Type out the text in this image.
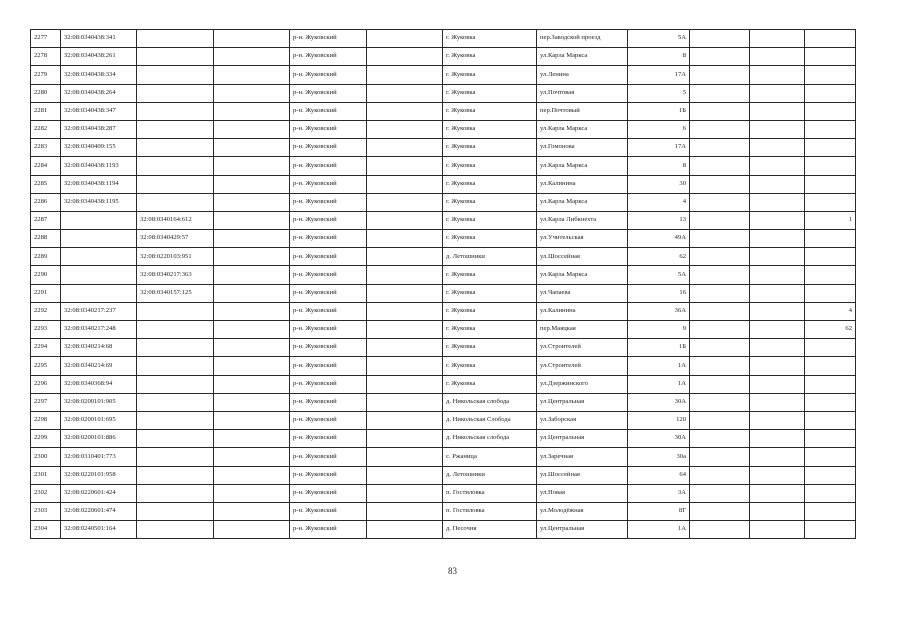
2277	32:08:0340438:341			р-н. Жуковский		г. Жуковка	пер.Заводской проезд	5А			
2278	32:08:0340438:261			р-н. Жуковский		г. Жуковка	ул.Карла Маркса	8			
2279	32:08:0340438:334			р-н. Жуковский		г. Жуковка	ул.Ленина	17А			
2280	32:08:0340438:264			р-н. Жуковский		г. Жуковка	ул.Почтовая	5			
2281	32:08:0340438:347			р-н. Жуковский		г. Жуковка	пер.Почтовый	1Б			
2282	32:08:0340438:287			р-н. Жуковский		г. Жуковка	ул.Карла Маркса	6			
2283	32:08:0340409:155			р-н. Жуковский		г. Жуковка	ул.Гомонова	17А			
2284	32:08:0340438:1193			р-н. Жуковский		г. Жуковка	ул.Карла Маркса	8			
2285	32:08:0340438:1194			р-н. Жуковский		г. Жуковка	ул.Калинина	30			
2286	32:08:0340438:1195			р-н. Жуковский		г. Жуковка	ул.Карла Маркса	4			
2287		32:08:0340164:612		р-н. Жуковский		г. Жуковка	ул.Карла Либкнехта	13			1
2288		32:08:0340429:57		р-н. Жуковский		г. Жуковка	ул.Учительская	49А			
2289		32:08:0220103:951		р-н. Жуковский		д. Летошники	ул.Шоссейная	62			
2290		32:08:0340217:363		р-н. Жуковский		г. Жуковка	ул.Карла Маркса	5А			
2291		32:08:0340157:125		р-н. Жуковский		г. Жуковка	ул.Чапаева	16			
2292	32:08:0340217:237			р-н. Жуковский		г. Жуковка	ул.Калинина	36А			4
2293	32:08:0340217:248			р-н. Жуковский		г. Жуковка	пер.Маяцкая	9			62
2294	32:08:0340214:68			р-н. Жуковский		г. Жуковка	ул.Строителей	1Б			
2295	32:08:0340214:69			р-н. Жуковский		г. Жуковка	ул.Строителей	1А			
2296	32:08:0340368:94			р-н. Жуковский		г. Жуковка	ул.Дзержинского	1А			
2297	32:08:0200101:905			р-н. Жуковский		д. Никольская слобода	ул.Центральная	30А			
2298	32:08:0200101:695			р-н. Жуковский		д. Никольская Слобода	ул.Заборская	120			
2299	32:08:0200101:886			р-н. Жуковский		д. Никольская слобода	ул.Центральная	30А			
2300	32:08:0310401:773			р-н. Жуковский		с. Ржаница	ул.Заречная	30а			
2301	32:08:0220101:958			р-н. Жуковский		д. Летошники	ул.Шоссейная	64			
2302	32:08:0220601:424			р-н. Жуковский		п. Гостиловка	ул.Новая	3А			
2303	32:08:0220601:474			р-н. Жуковский		п. Гостиловка	ул.Молодёжная	8Г			
2304	32:08:0240501:164			р-н. Жуковский		д. Песочня	ул.Центральная	1А			
83
